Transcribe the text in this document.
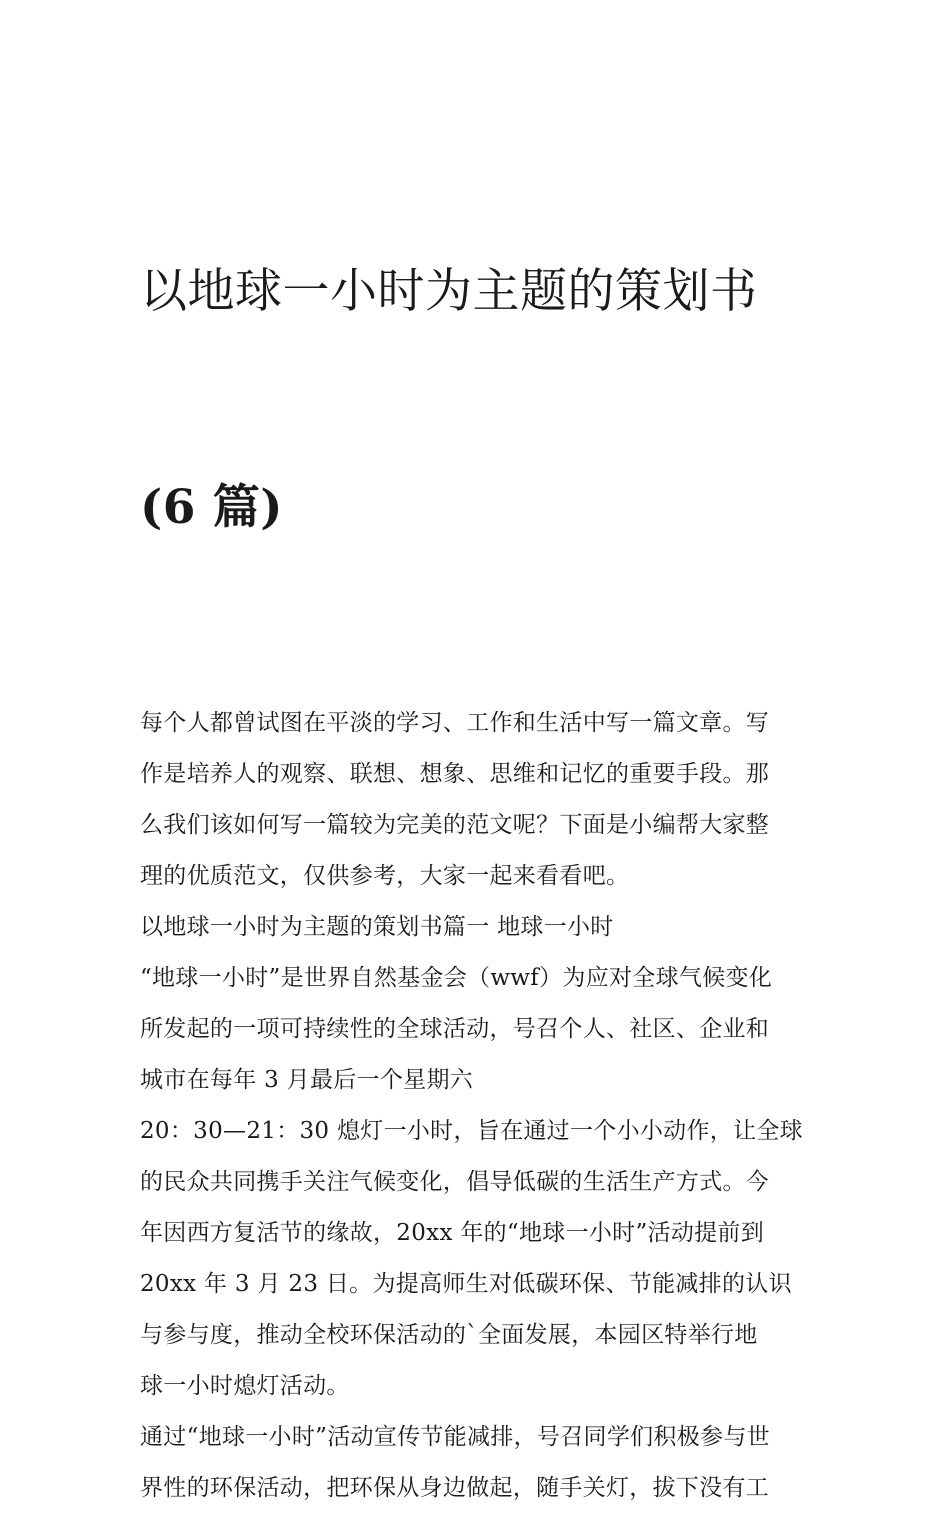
以地球一小时为主题的策划书

(6 篇)

每个人都曾试图在平淡的学习、工作和生活中写一篇文章。写
作是培养人的观察、联想、想象、思维和记忆的重要手段。那
么我们该如何写一篇较为完美的范文呢？下面是小编帮大家整
理的优质范文，仅供参考，大家一起来看看吧。

以地球一小时为主题的策划书篇一 地球一小时

“地球一小时”是世界自然基金会（wwf）为应对全球气候变化
所发起的一项可持续性的全球活动，号召个人、社区、企业和
城市在每年 3 月最后一个星期六

20：30—21：30 熄灯一小时，旨在通过一个小小动作，让全球
的民众共同携手关注气候变化，倡导低碳的生活生产方式。今
年因西方复活节的缘故，20xx 年的“地球一小时”活动提前到
20xx 年 3 月 23 日。为提高师生对低碳环保、节能减排的认识
与参与度，推动全校环保活动的`全面发展，本园区特举行地
球一小时熄灯活动。

通过“地球一小时”活动宣传节能减排，号召同学们积极参与世
界性的环保活动，把环保从身边做起，随手关灯，拔下没有工
